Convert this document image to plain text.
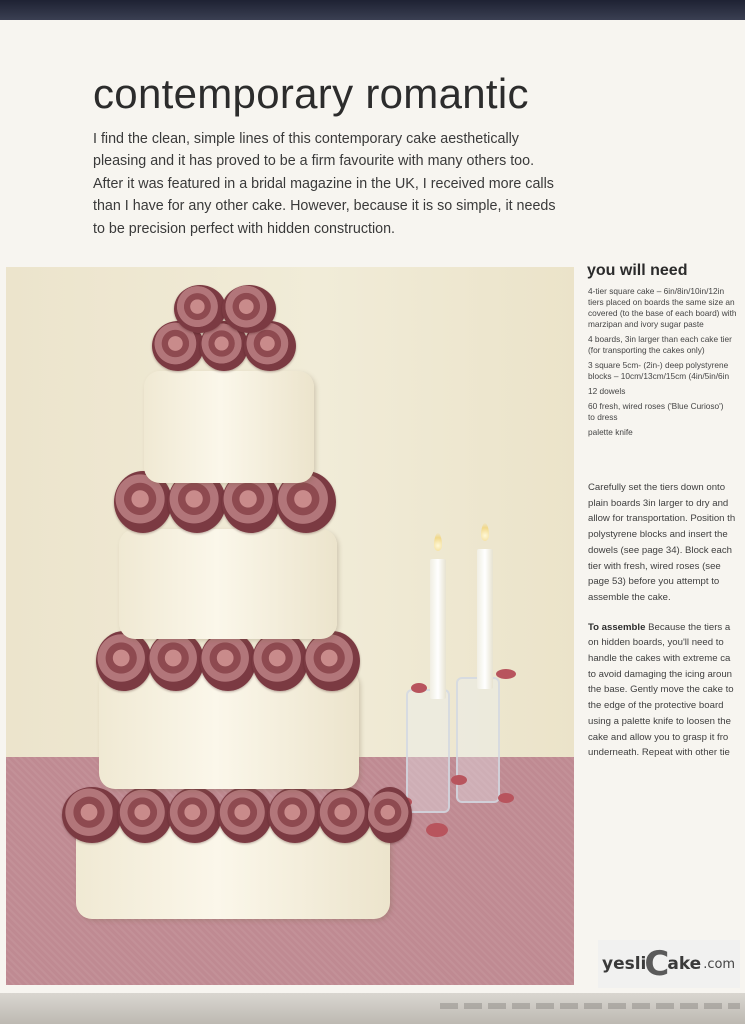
contemporary romantic

I find the clean, simple lines of this contemporary cake aesthetically pleasing and it has proved to be a firm favourite with many others too. After it was featured in a bridal magazine in the UK, I received more calls than I have for any other cake. However, because it is so simple, it needs to be precision perfect with hidden construction.

you will need
4-tier square cake – 6in/8in/10in/12in
tiers placed on boards the same size an
covered (to the base of each board) with
marzipan and ivory sugar paste
4 boards, 3in larger than each cake tier
(for transporting the cakes only)
3 square 5cm- (2in-) deep polystyrene
blocks – 10cm/13cm/15cm (4in/5in/6in
12 dowels
60 fresh, wired roses ('Blue Curioso')
to dress
palette knife

Carefully set the tiers down onto
plain boards 3in larger to dry and
allow for transportation. Position th
polystyrene blocks and insert the
dowels (see page 34). Block each
tier with fresh, wired roses (see
page 53) before you attempt to
assemble the cake.

To assemble Because the tiers a
on hidden boards, you'll need to
handle the cakes with extreme ca
to avoid damaging the icing aroun
the base. Gently move the cake to
the edge of the protective board
using a palette knife to loosen the
cake and allow you to grasp it fro
underneath. Repeat with other tie

yesli
C
ake .com
